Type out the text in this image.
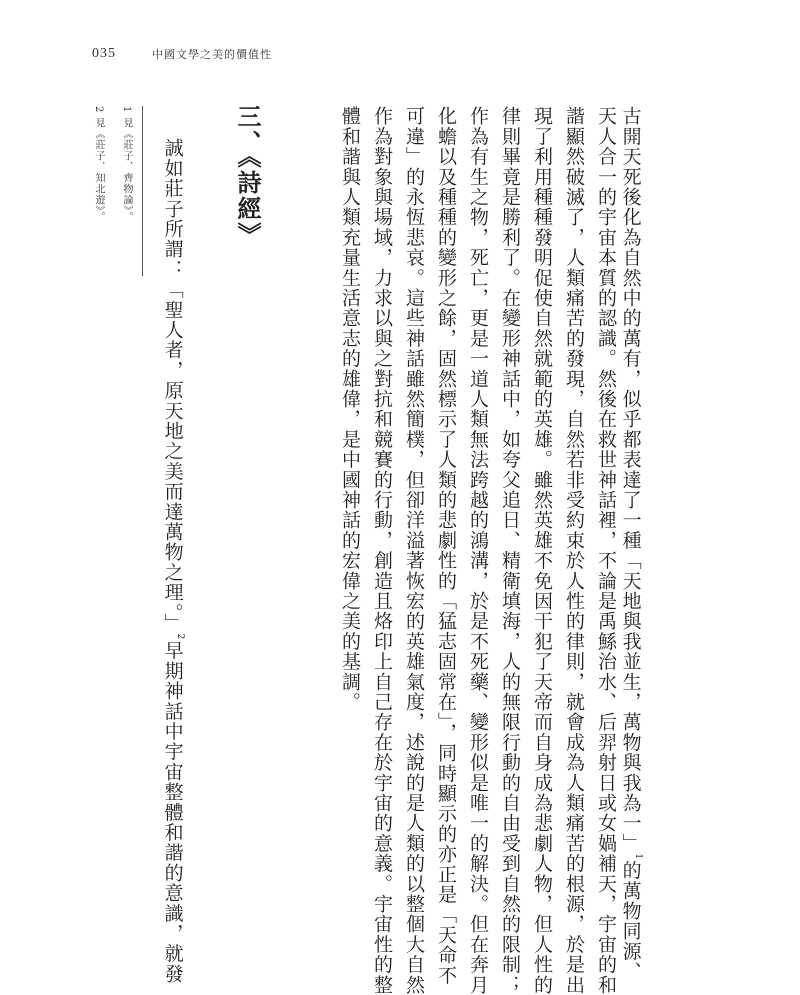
035	中國文學之美的價值性
古開天死後化為自然中的萬有，似乎都表達了一種「天地與我並生，萬物與我為一」$^1$的萬物同源、
天人合一的宇宙本質的認識。然後在救世神話裡，不論是禹鯀治水、后羿射日或女媧補天，宇宙的和
諧顯然破滅了，人類痛苦的發現，自然若非受約束於人性的律則，就會成為人類痛苦的根源，於是出
現了利用種種發明促使自然就範的英雄。雖然英雄不免因干犯了天帝而自身成為悲劇人物，但人性的
律則畢竟是勝利了。在變形神話中，如夸父追日、精衛填海，人的無限行動的自由受到自然的限制；
作為有生之物，死亡，更是一道人類無法跨越的鴻溝，於是不死藥、變形似是唯一的解決。但在奔月
化蟾以及種種的變形之餘，固然標示了人類的悲劇性的「猛志固常在」，同時顯示的亦正是「天命不
可違」的永恆悲哀。這些神話雖然簡樸，但卻洋溢著恢宏的英雄氣度，述說的是人類的以整個大自然
作為對象與場域，力求以與之對抗和競賽的行動，創造且烙印上自己存在於宇宙的意義。宇宙性的整
體和諧與人類充量生活意志的雄偉，是中國神話的宏偉之美的基調。
三、《詩經》
誠如莊子所謂：「聖人者，原天地之美而達萬物之理。」$^2$早期神話中宇宙整體和諧的意識，就發
1 見《莊子．齊物論》。
2 見《莊子．知北遊》。
